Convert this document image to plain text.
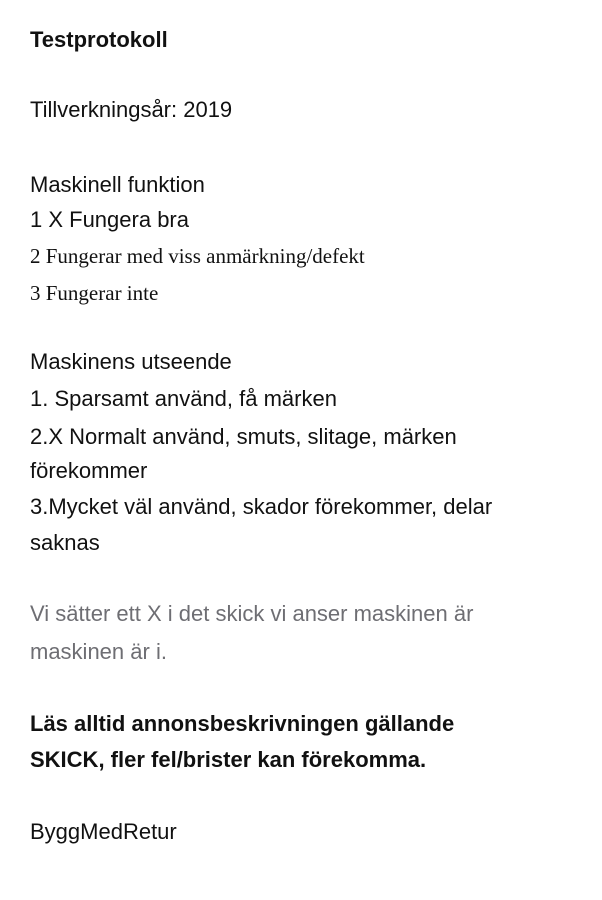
Testprotokoll
Tillverkningsår: 2019
Maskinell funktion
1 X Fungera bra
2 Fungerar med viss anmärkning/defekt
3 Fungerar inte
Maskinens utseende
1. Sparsamt använd, få märken
2.X Normalt använd, smuts, slitage, märken
förekommer
3.Mycket väl använd, skador förekommer, delar
saknas
Vi sätter ett X i det skick vi anser maskinen är
maskinen är i.
Läs alltid annonsbeskrivningen gällande
SKICK, fler fel/brister kan förekomma.
ByggMedRetur
